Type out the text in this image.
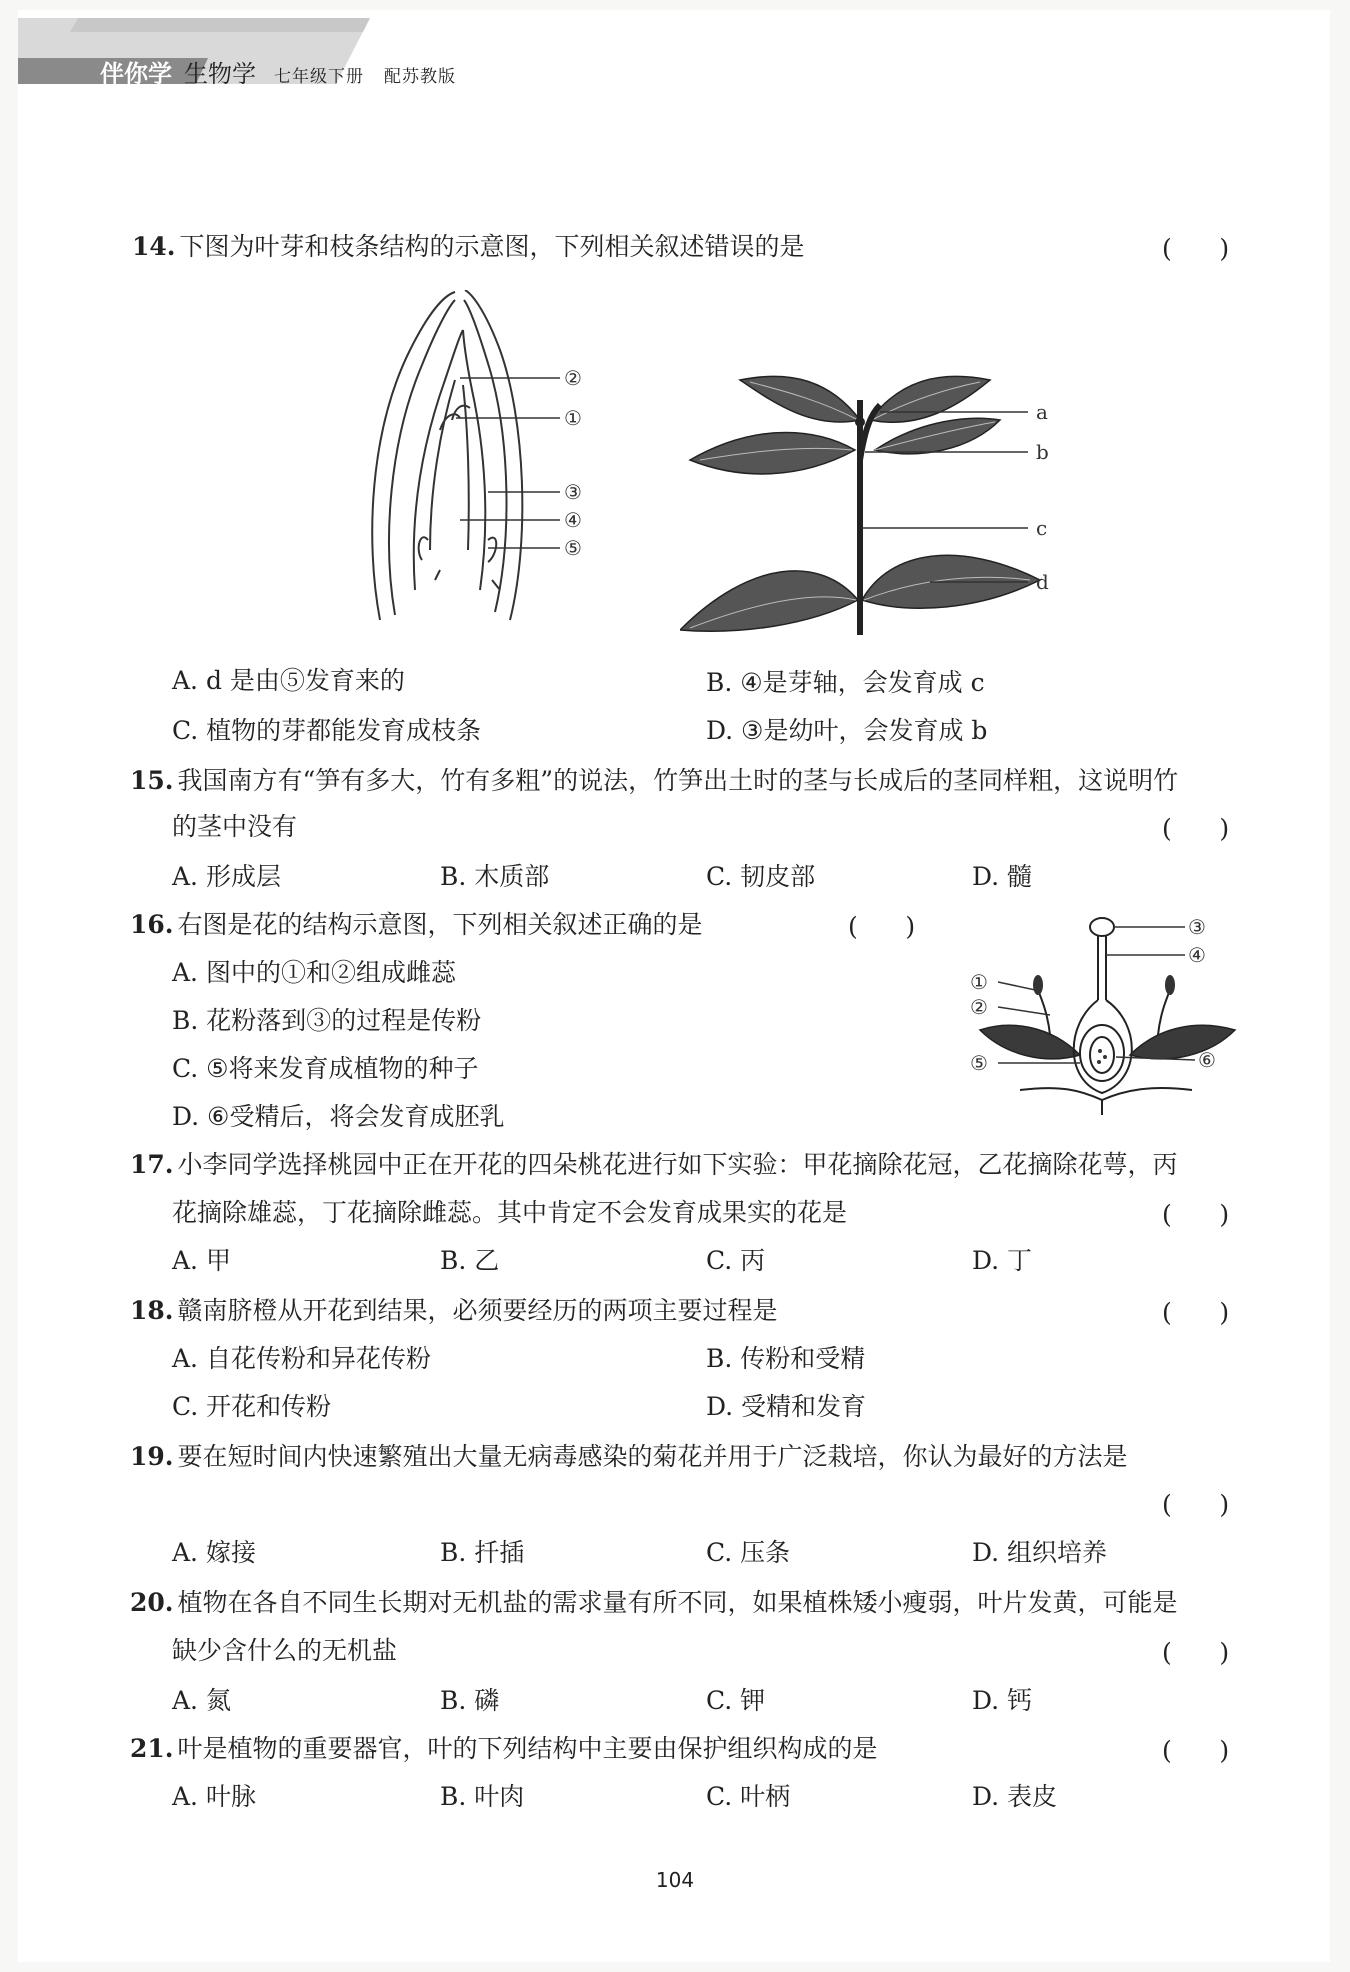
伴你学 生物学 七年级下册 配苏教版
14. 下图为叶芽和枝条结构的示意图，下列相关叙述错误的是	(      )
②
①
③
④
⑤
a
b
c
d
A. d 是由⑤发育来的	B. ④是芽轴，会发育成 c
C. 植物的芽都能发育成枝条	D. ③是幼叶，会发育成 b
15. 我国南方有“笋有多大，竹有多粗”的说法，竹笋出土时的茎与长成后的茎同样粗，这说明竹
的茎中没有	(      )
A. 形成层	B. 木质部	C. 韧皮部	D. 髓
16. 右图是花的结构示意图，下列相关叙述正确的是	(      )
A. 图中的①和②组成雌蕊
B. 花粉落到③的过程是传粉
C. ⑤将来发育成植物的种子
D. ⑥受精后，将会发育成胚乳
③
④
①
②
⑤	⑥
17. 小李同学选择桃园中正在开花的四朵桃花进行如下实验：甲花摘除花冠，乙花摘除花萼，丙
花摘除雄蕊，丁花摘除雌蕊。其中肯定不会发育成果实的花是	(      )
A. 甲	B. 乙	C. 丙	D. 丁
18. 赣南脐橙从开花到结果，必须要经历的两项主要过程是	(      )
A. 自花传粉和异花传粉	B. 传粉和受精
C. 开花和传粉	D. 受精和发育
19. 要在短时间内快速繁殖出大量无病毒感染的菊花并用于广泛栽培，你认为最好的方法是
(      )
A. 嫁接	B. 扦插	C. 压条	D. 组织培养
20. 植物在各自不同生长期对无机盐的需求量有所不同，如果植株矮小瘦弱，叶片发黄，可能是
缺少含什么的无机盐	(      )
A. 氮	B. 磷	C. 钾	D. 钙
21. 叶是植物的重要器官，叶的下列结构中主要由保护组织构成的是	(      )
A. 叶脉	B. 叶肉	C. 叶柄	D. 表皮
104
